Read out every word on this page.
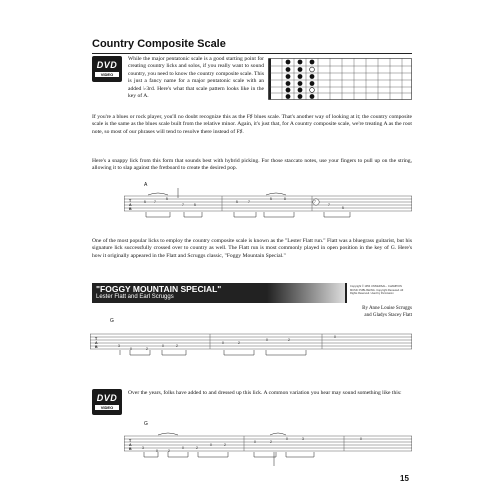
Country Composite Scale
DVD
VIDEO
While the major pentatonic scale is a good starting point for creating country licks and solos, if you really want to sound country, you need to know the country composite scale. This is just a fancy name for a major pentatonic scale with an added ♭3rd. Here's what that scale pattern looks like in the key of A.
If you're a blues or rock player, you'll no doubt recognize this as the F♯ blues scale. That's another way of looking at it; the country composite scale is the same as the blues scale built from the relative minor. Again, it's just that, for A country composite scale, we're treating A as the root note, so most of our phrases will tend to resolve there instead of F♯.
Here's a snappy lick from this form that sounds best with hybrid picking. For those staccato notes, use your fingers to pull up on the string, allowing it to slap against the fretboard to create the desired pop.
A
T
A
B
5 7
5
7	5
5	7
5	8
7
7
5
One of the most popular licks to employ the country composite scale is known as the "Lester Flatt run." Flatt was a bluegrass guitarist, but his signature lick successfully crossed over to country as well. The Flatt run is most commonly played in open position in the key of G. Here's how it originally appeared in the Flatt and Scruggs classic, "Foggy Mountain Special."
"FOGGY MOUNTAIN SPECIAL"
Lester Flatt and Earl Scruggs
Copyright © 1954 UNIVERSAL - CHAMPION MUSIC PUBLISHING. Copyright Renewed. All Rights Reserved. Used by Permission
By Anne Louise Scruggs
and Gladys Stacey Flatt
G
T
A
B	3
0	2
0	2
0	2
0	2
0
DVD
VIDEO
Over the years, folks have added to and dressed up this lick. A common variation you hear may sound something like this:
G
T
A
B	3
0	2
0	2
0	2
0	2
0	3	0
15
